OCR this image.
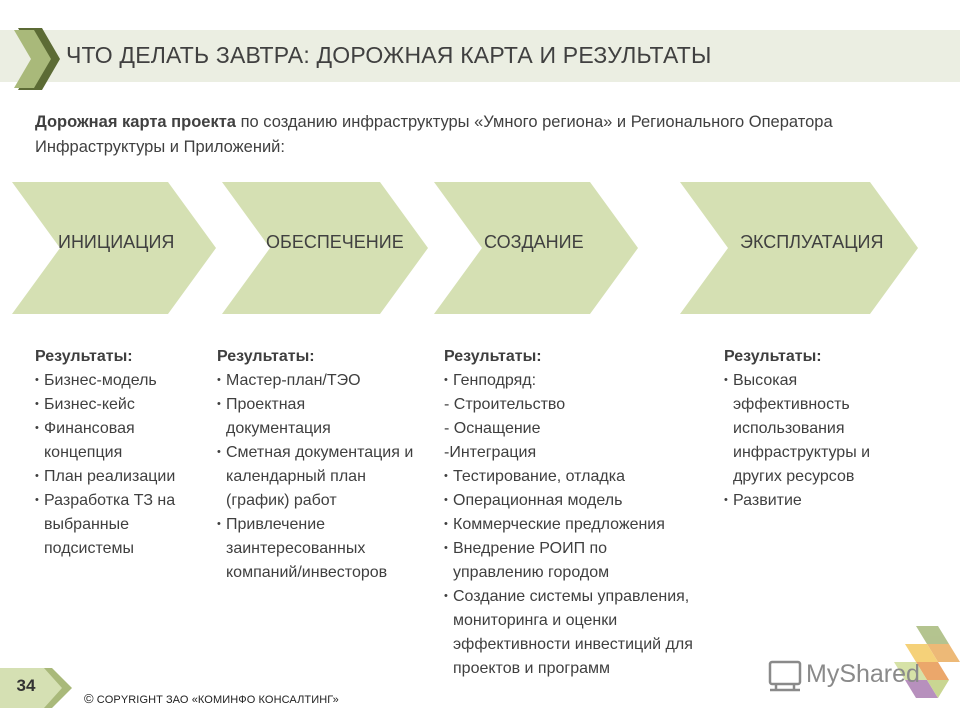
ЧТО ДЕЛАТЬ ЗАВТРА: ДОРОЖНАЯ КАРТА И РЕЗУЛЬТАТЫ
Дорожная карта проекта по созданию инфраструктуры «Умного региона» и Регионального Оператора Инфраструктуры и Приложений:
ИНИЦИАЦИЯ	ОБЕСПЕЧЕНИЕ	СОЗДАНИЕ	ЭКСПЛУАТАЦИЯ
Результаты:
• Бизнес-модель
• Бизнес-кейс
• Финансовая концепция
• План реализации
• Разработка ТЗ на выбранные подсистемы
Результаты:
• Мастер-план/ТЭО
• Проектная документация
• Сметная документация и календарный план (график) работ
• Привлечение заинтересованных компаний/инвесторов
Результаты:
• Генподряд:
- Строительство
- Оснащение
-Интеграция
• Тестирование, отладка
• Операционная модель
• Коммерческие предложения
• Внедрение РОИП по управлению городом
• Создание системы управления, мониторинга и оценки эффективности инвестиций для проектов и программ
Результаты:
• Высокая эффективность использования инфраструктуры и других ресурсов
• Развитие
34
© COPYRIGHT ЗАО «КОМИНФО КОНСАЛТИНГ»
MyShared
